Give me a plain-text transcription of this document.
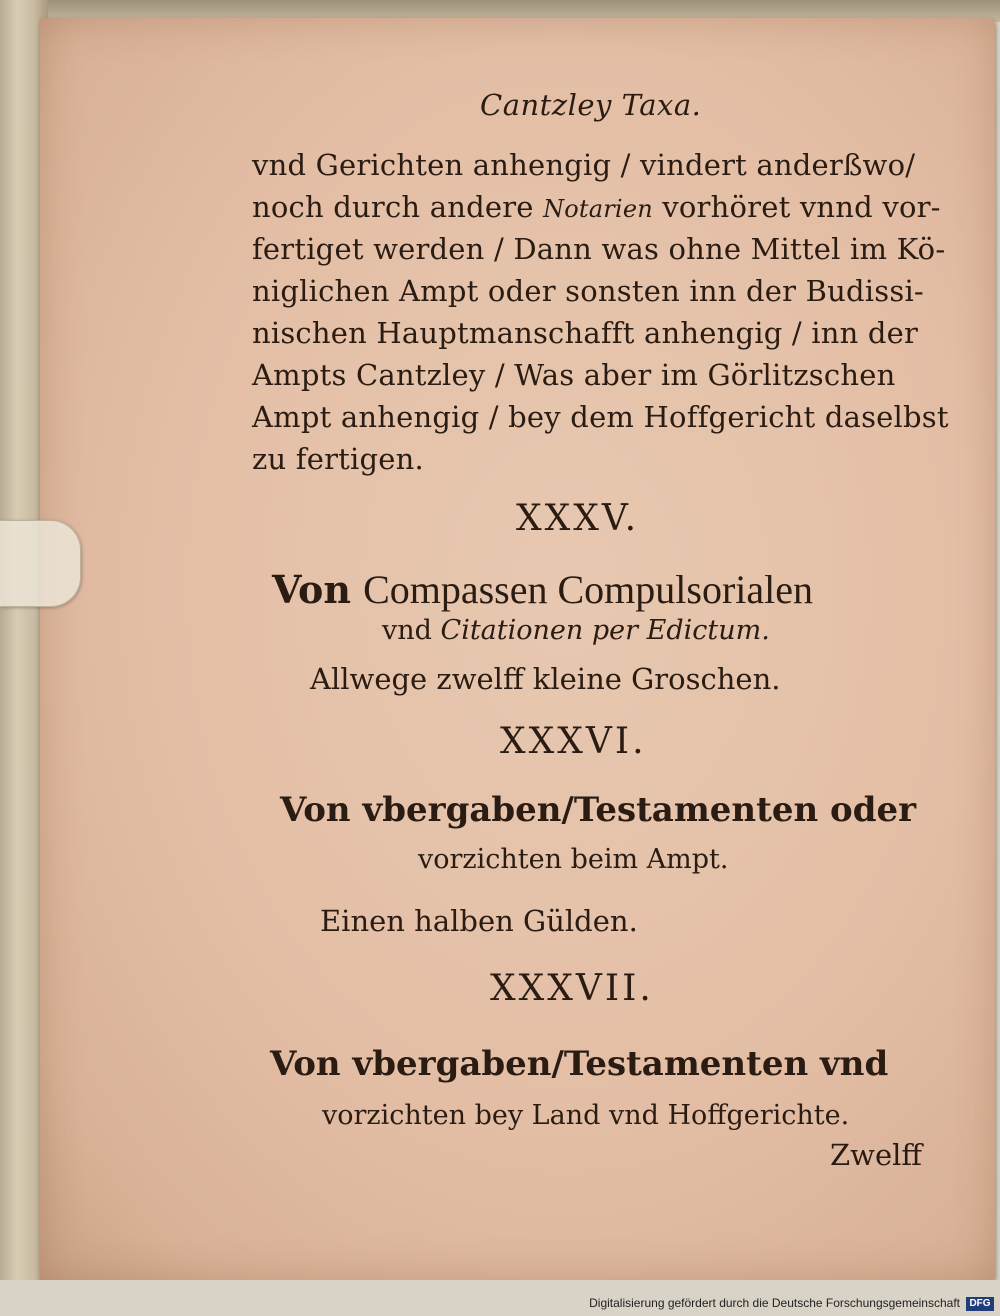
Cantzley Taxa.
vnd Gerichten anhengig / vindert anderßwo/
noch durch andere Notarien vorhöret vnnd vor-
fertiget werden / Dann was ohne Mittel im Kö-
niglichen Ampt oder sonsten inn der Budissi-
nischen Hauptmanschafft anhengig / inn der
Ampts Cantzley / Was aber im Görlitzschen
Ampt anhengig / bey dem Hoffgericht daselbst
zu fertigen.
XXXV.
Von Compassen Compulsorialen
vnd Citationen per Edictum.
Allwege zwelff kleine Groschen.
XXXVI.
Von vbergaben/Testamenten oder
vorzichten beim Ampt.
Einen halben Gülden.
XXXVII.
Von vbergaben/Testamenten vnd
vorzichten bey Land vnd Hoffgerichte.
Zwelff
Digitalisierung gefördert durch die Deutsche Forschungsgemeinschaft DFG
